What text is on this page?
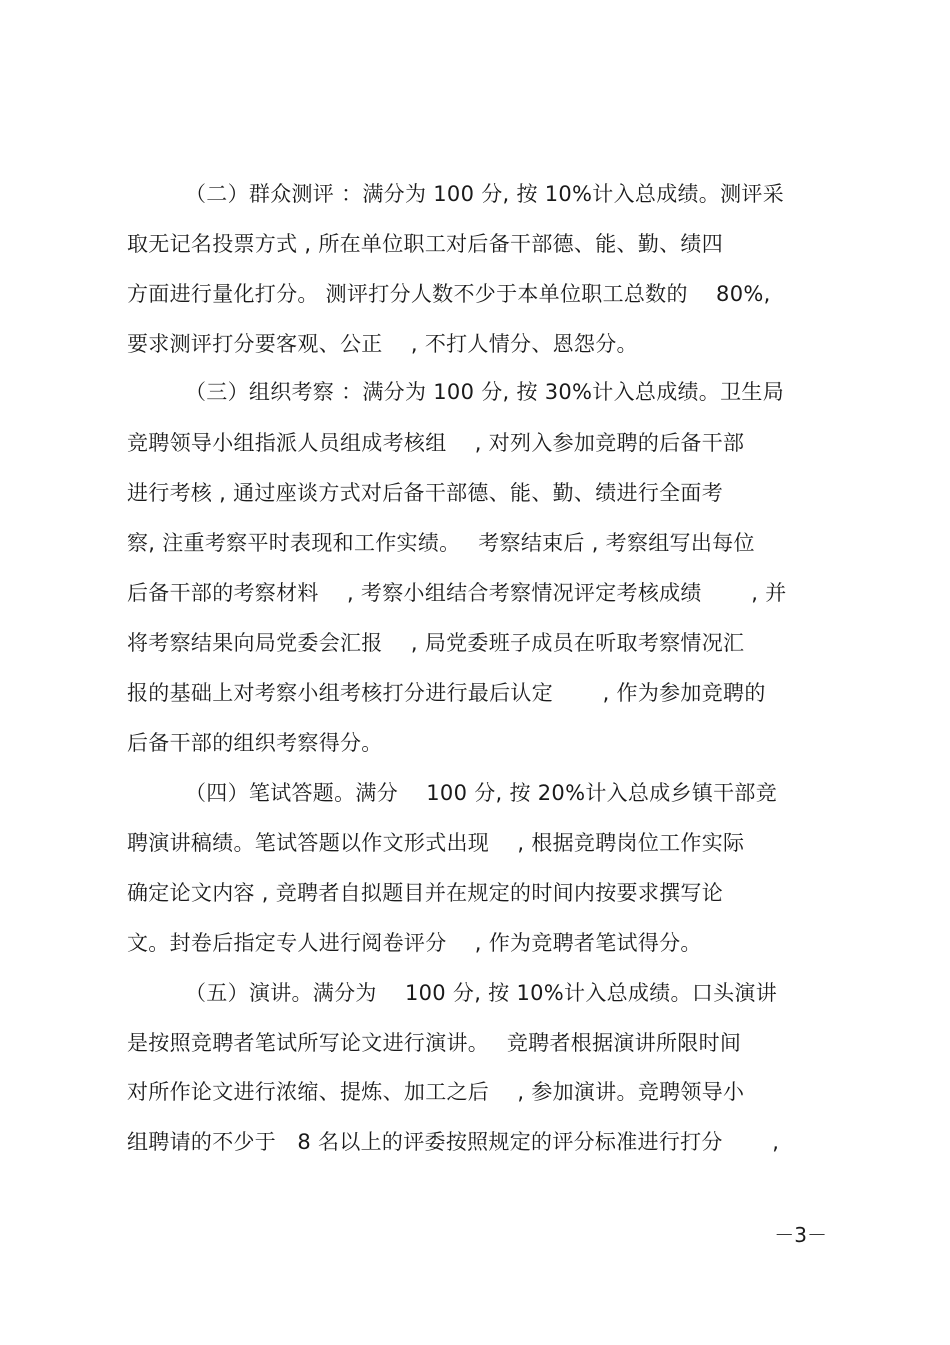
（二）群众测评 ：满分为 100 分, 按 10%计入总成绩。测评采
取无记名投票方式 , 所在单位职工对后备干部德、能、勤、绩四
方面进行量化打分。 测评打分人数不少于本单位职工总数的　 80%,
要求测评打分要客观、公正　 , 不打人情分、恩怨分。
（三）组织考察 ：满分为 100 分, 按 30%计入总成绩。卫生局
竞聘领导小组指派人员组成考核组　 , 对列入参加竞聘的后备干部
进行考核 , 通过座谈方式对后备干部德、能、勤、绩进行全面考
察, 注重考察平时表现和工作实绩。　 考察结束后 , 考察组写出每位
后备干部的考察材料　 , 考察小组结合考察情况评定考核成绩　　 , 并
将考察结果向局党委会汇报　 , 局党委班子成员在听取考察情况汇
报的基础上对考察小组考核打分进行最后认定　　 , 作为参加竞聘的
后备干部的组织考察得分。
（四）笔试答题。满分　 100 分, 按 20%计入总成乡镇干部竞
聘演讲稿绩。笔试答题以作文形式出现　 , 根据竞聘岗位工作实际
确定论文内容 , 竞聘者自拟题目并在规定的时间内按要求撰写论
文。封卷后指定专人进行阅卷评分　 , 作为竞聘者笔试得分。
（五）演讲。满分为　 100 分, 按 10%计入总成绩。口头演讲
是按照竞聘者笔试所写论文进行演讲。　 竞聘者根据演讲所限时间
对所作论文进行浓缩、提炼、加工之后　 , 参加演讲。竞聘领导小
组聘请的不少于　8 名以上的评委按照规定的评分标准进行打分　　 ,
－3－
